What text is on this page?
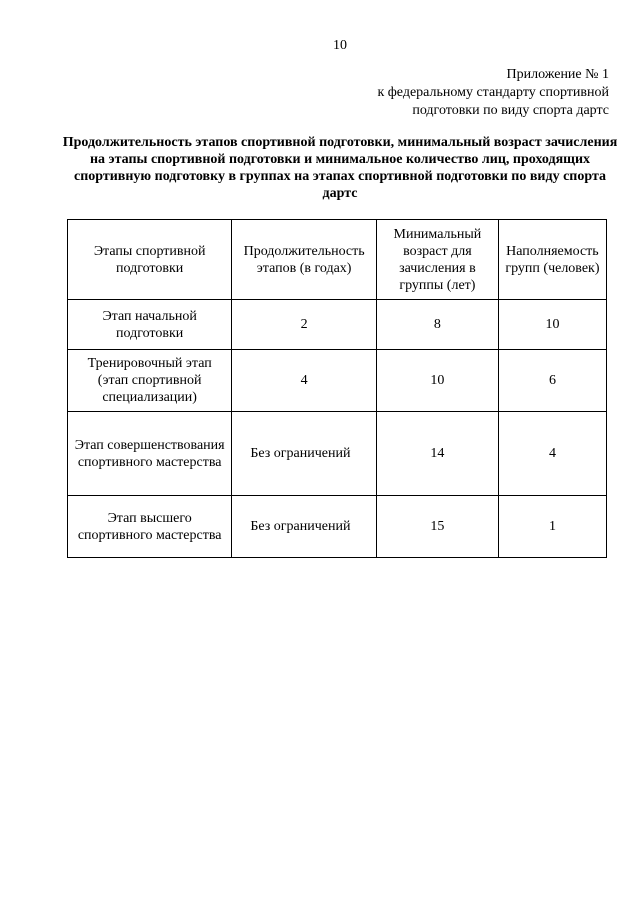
10
Приложение № 1
к федеральному стандарту спортивной
подготовки по виду спорта дартс
Продолжительность этапов спортивной подготовки, минимальный возраст зачисления на этапы спортивной подготовки и минимальное количество лиц, проходящих спортивную подготовку в группах на этапах спортивной подготовки по виду спорта дартс
Этапы спортивной подготовки	Продолжительность этапов (в годах)	Минимальный возраст для зачисления в группы (лет)	Наполняемость групп (человек)
Этап начальной подготовки	2	8	10
Тренировочный этап (этап спортивной специализации)	4	10	6
Этап совершенствования спортивного мастерства	Без ограничений	14	4
Этап высшего спортивного мастерства	Без ограничений	15	1
